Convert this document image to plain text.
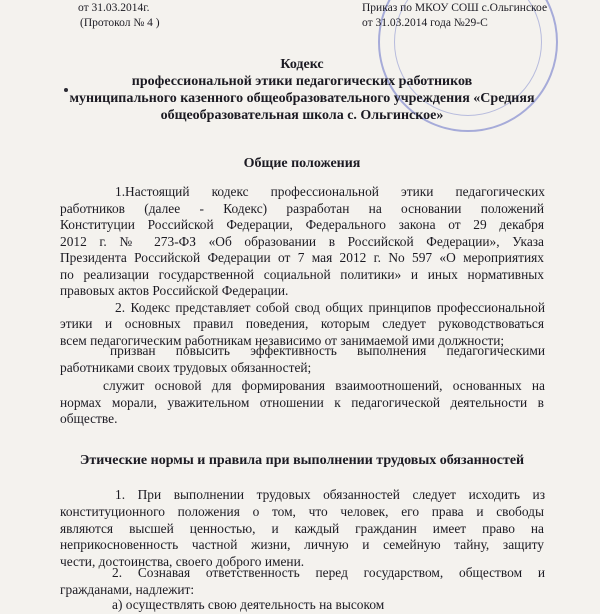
от 31.03.2014г.
(Протокол № 4 )
Приказ по МКОУ СОШ с.Ольгинское
от 31.03.2014 года №29-С
Кодекс
профессиональной этики педагогических работников
муниципального казенного общеобразовательного учреждения «Средняя
общеобразовательная школа с. Ольгинское»
Общие положения
1.Настоящий кодекс профессиональной этики педагогических
работников (далее - Кодекс) разработан на основании положений
Конституции Российской Федерации, Федерального закона от 29 декабря
2012 г. № 273-ФЗ «Об образовании в Российской Федерации», Указа
Президента Российской Федерации от 7 мая 2012 г. No 597 «О мероприятиях
по реализации государственной социальной политики» и иных нормативных
правовых актов Российской Федерации.
2. Кодекс представляет собой свод общих принципов профессиональной
этики и основных правил поведения, которым следует руководствоваться
всем педагогическим работникам независимо от занимаемой ими должности;
призван повысить эффективность выполнения педагогическими
работниками своих трудовых обязанностей;
служит основой для формирования взаимоотношений, основанных на
нормах морали, уважительном отношении к педагогической деятельности в
обществе.
Этические нормы и правила при выполнении трудовых обязанностей
1. При выполнении трудовых обязанностей следует исходить из
конституционного положения о том, что человек, его права и свободы
являются высшей ценностью, и каждый гражданин имеет право на
неприкосновенность частной жизни, личную и семейную тайну, защиту
чести, достоинства, своего доброго имени.
2. Сознавая ответственность перед государством, обществом и
гражданами, надлежит:
а) осуществлять свою деятельность на высоком
